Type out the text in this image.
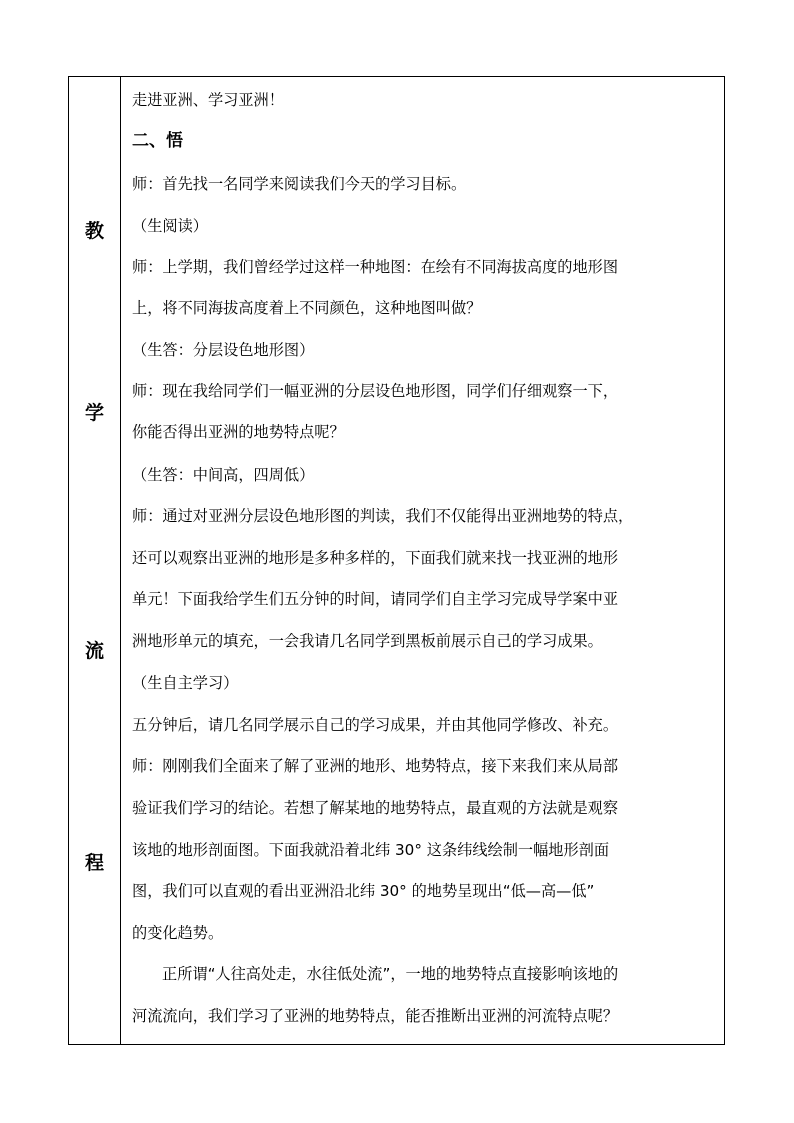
教
学
流
程
走进亚洲、学习亚洲！
二、悟
师：首先找一名同学来阅读我们今天的学习目标。
（生阅读）
师：上学期，我们曾经学过这样一种地图：在绘有不同海拔高度的地形图
上，将不同海拔高度着上不同颜色，这种地图叫做？
（生答：分层设色地形图）
师：现在我给同学们一幅亚洲的分层设色地形图，同学们仔细观察一下，
你能否得出亚洲的地势特点呢？
（生答：中间高，四周低）
师：通过对亚洲分层设色地形图的判读，我们不仅能得出亚洲地势的特点，
还可以观察出亚洲的地形是多种多样的，下面我们就来找一找亚洲的地形
单元！下面我给学生们五分钟的时间，请同学们自主学习完成导学案中亚
洲地形单元的填充，一会我请几名同学到黑板前展示自己的学习成果。
（生自主学习）
五分钟后，请几名同学展示自己的学习成果，并由其他同学修改、补充。
师：刚刚我们全面来了解了亚洲的地形、地势特点，接下来我们来从局部
验证我们学习的结论。若想了解某地的地势特点，最直观的方法就是观察
该地的地形剖面图。下面我就沿着北纬 30° 这条纬线绘制一幅地形剖面
图，我们可以直观的看出亚洲沿北纬 30° 的地势呈现出“低—高—低”
的变化趋势。
正所谓“人往高处走，水往低处流”，一地的地势特点直接影响该地的
河流流向，我们学习了亚洲的地势特点，能否推断出亚洲的河流特点呢？
